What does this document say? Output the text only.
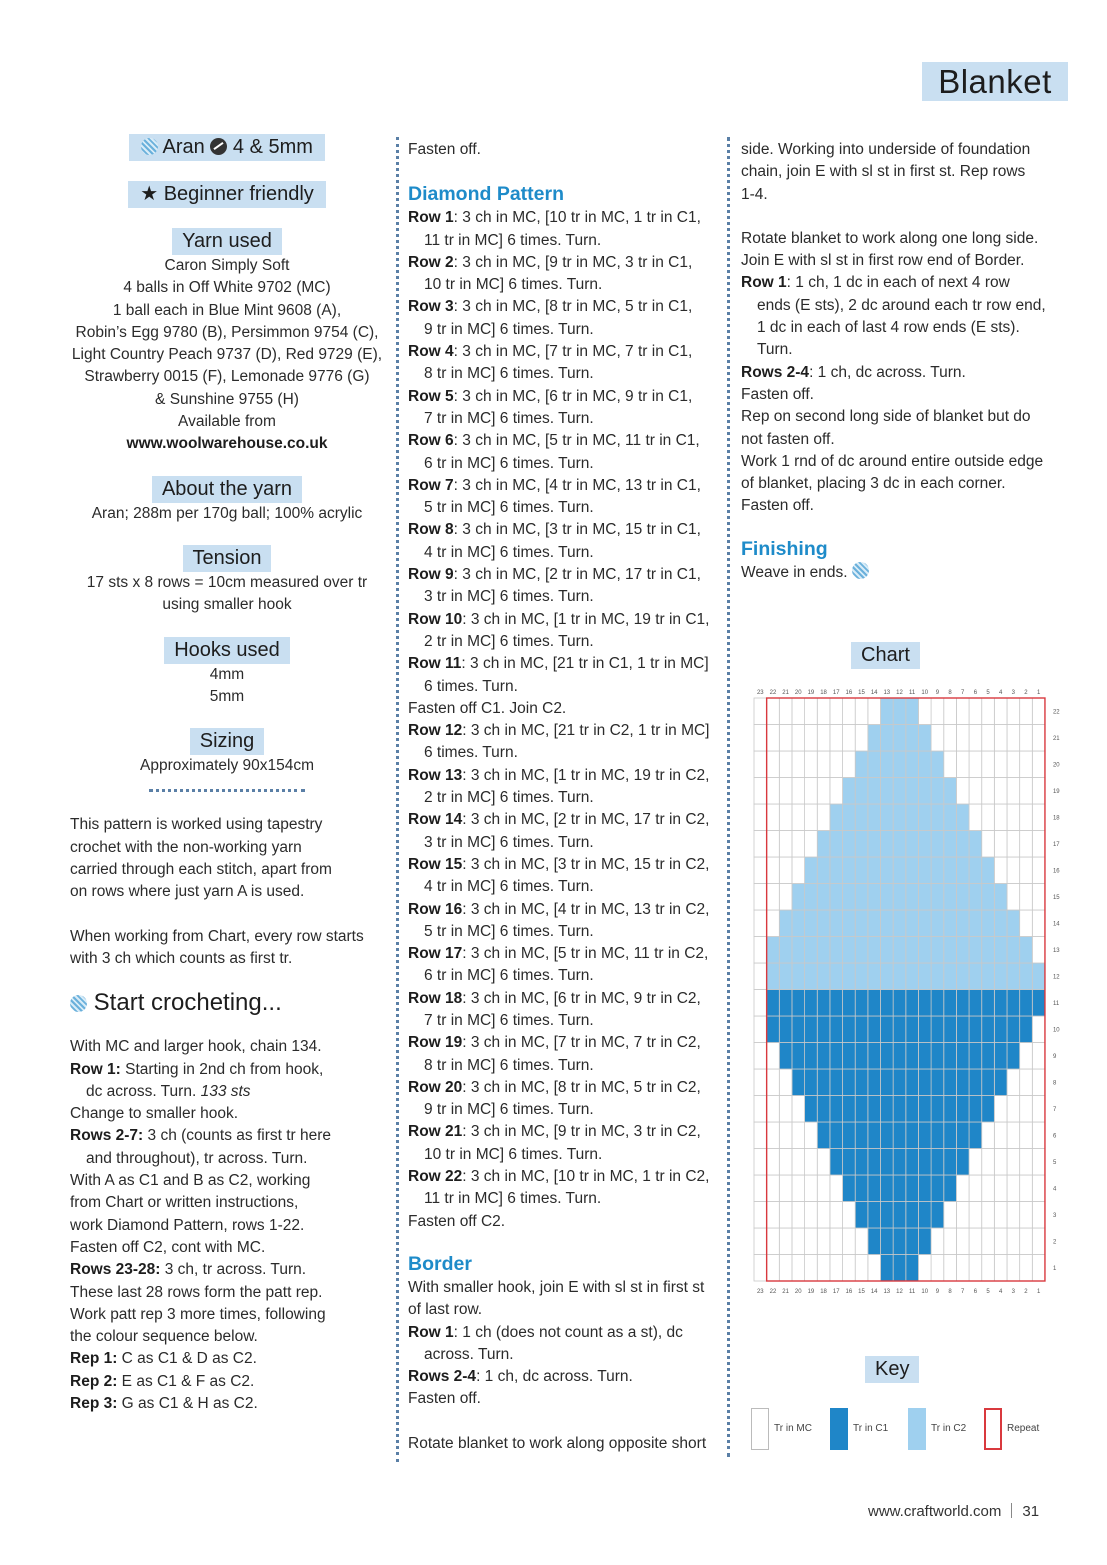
Blanket
Aran 4 & 5mm
★ Beginner friendly
Yarn used
Caron Simply Soft
4 balls in Off White 9702 (MC)
1 ball each in Blue Mint 9608 (A),
Robin’s Egg 9780 (B), Persimmon 9754 (C),
Light Country Peach 9737 (D), Red 9729 (E),
Strawberry 0015 (F), Lemonade 9776 (G)
& Sunshine 9755 (H)
Available from
www.woolwarehouse.co.uk
About the yarn
Aran; 288m per 170g ball; 100% acrylic
Tension
17 sts x 8 rows = 10cm measured over tr
using smaller hook
Hooks used
4mm
5mm
Sizing
Approximately 90x154cm
This pattern is worked using tapestry
crochet with the non-working yarn
carried through each stitch, apart from
on rows where just yarn A is used.
When working from Chart, every row starts
with 3 ch which counts as first tr.
Start crocheting...
With MC and larger hook, chain 134.
Row 1: Starting in 2nd ch from hook,
dc across. Turn. 133 sts
Change to smaller hook.
Rows 2-7: 3 ch (counts as first tr here
and throughout), tr across. Turn.
With A as C1 and B as C2, working
from Chart or written instructions,
work Diamond Pattern, rows 1-22.
Fasten off C2, cont with MC.
Rows 23-28: 3 ch, tr across. Turn.
These last 28 rows form the patt rep.
Work patt rep 3 more times, following
the colour sequence below.
Rep 1: C as C1 & D as C2.
Rep 2: E as C1 & F as C2.
Rep 3: G as C1 & H as C2.
Fasten off.
Diamond Pattern
Row 1: 3 ch in MC, [10 tr in MC, 1 tr in C1,
11 tr in MC] 6 times. Turn.
Row 2: 3 ch in MC, [9 tr in MC, 3 tr in C1,
10 tr in MC] 6 times. Turn.
Row 3: 3 ch in MC, [8 tr in MC, 5 tr in C1,
9 tr in MC] 6 times. Turn.
Row 4: 3 ch in MC, [7 tr in MC, 7 tr in C1,
8 tr in MC] 6 times. Turn.
Row 5: 3 ch in MC, [6 tr in MC, 9 tr in C1,
7 tr in MC] 6 times. Turn.
Row 6: 3 ch in MC, [5 tr in MC, 11 tr in C1,
6 tr in MC] 6 times. Turn.
Row 7: 3 ch in MC, [4 tr in MC, 13 tr in C1,
5 tr in MC] 6 times. Turn.
Row 8: 3 ch in MC, [3 tr in MC, 15 tr in C1,
4 tr in MC] 6 times. Turn.
Row 9: 3 ch in MC, [2 tr in MC, 17 tr in C1,
3 tr in MC] 6 times. Turn.
Row 10: 3 ch in MC, [1 tr in MC, 19 tr in C1,
2 tr in MC] 6 times. Turn.
Row 11: 3 ch in MC, [21 tr in C1, 1 tr in MC]
6 times. Turn.
Fasten off C1. Join C2.
Row 12: 3 ch in MC, [21 tr in C2, 1 tr in MC]
6 times. Turn.
Row 13: 3 ch in MC, [1 tr in MC, 19 tr in C2,
2 tr in MC] 6 times. Turn.
Row 14: 3 ch in MC, [2 tr in MC, 17 tr in C2,
3 tr in MC] 6 times. Turn.
Row 15: 3 ch in MC, [3 tr in MC, 15 tr in C2,
4 tr in MC] 6 times. Turn.
Row 16: 3 ch in MC, [4 tr in MC, 13 tr in C2,
5 tr in MC] 6 times. Turn.
Row 17: 3 ch in MC, [5 tr in MC, 11 tr in C2,
6 tr in MC] 6 times. Turn.
Row 18: 3 ch in MC, [6 tr in MC, 9 tr in C2,
7 tr in MC] 6 times. Turn.
Row 19: 3 ch in MC, [7 tr in MC, 7 tr in C2,
8 tr in MC] 6 times. Turn.
Row 20: 3 ch in MC, [8 tr in MC, 5 tr in C2,
9 tr in MC] 6 times. Turn.
Row 21: 3 ch in MC, [9 tr in MC, 3 tr in C2,
10 tr in MC] 6 times. Turn.
Row 22: 3 ch in MC, [10 tr in MC, 1 tr in C2,
11 tr in MC] 6 times. Turn.
Fasten off C2.
Border
With smaller hook, join E with sl st in first st
of last row.
Row 1: 1 ch (does not count as a st), dc
across. Turn.
Rows 2-4: 1 ch, dc across. Turn.
Fasten off.
Rotate blanket to work along opposite short
side. Working into underside of foundation
chain, join E with sl st in first st. Rep rows
1-4.
Rotate blanket to work along one long side.
Join E with sl st in first row end of Border.
Row 1: 1 ch, 1 dc in each of next 4 row
ends (E sts), 2 dc around each tr row end,
1 dc in each of last 4 row ends (E sts).
Turn.
Rows 2-4: 1 ch, dc across. Turn.
Fasten off.
Rep on second long side of blanket but do
not fasten off.
Work 1 rnd of dc around entire outside edge
of blanket, placing 3 dc in each corner.
Fasten off.
Finishing
Weave in ends.
Chart
23
23
22
22
21
21
20
20
19
19
18
18
17
17
16
16
15
15
14
14
13
13
12
12
11
11
10
10
9
9
8
8
7
7
6
6
5
5
4
4
3
3
2
2
1
1
1
2
3
4
5
6
7
8
9
10
11
12
13
14
15
16
17
18
19
20
21
22
Key
Tr in MC	Tr in C1	Tr in C2	Repeat
www.craftworld.com 31
